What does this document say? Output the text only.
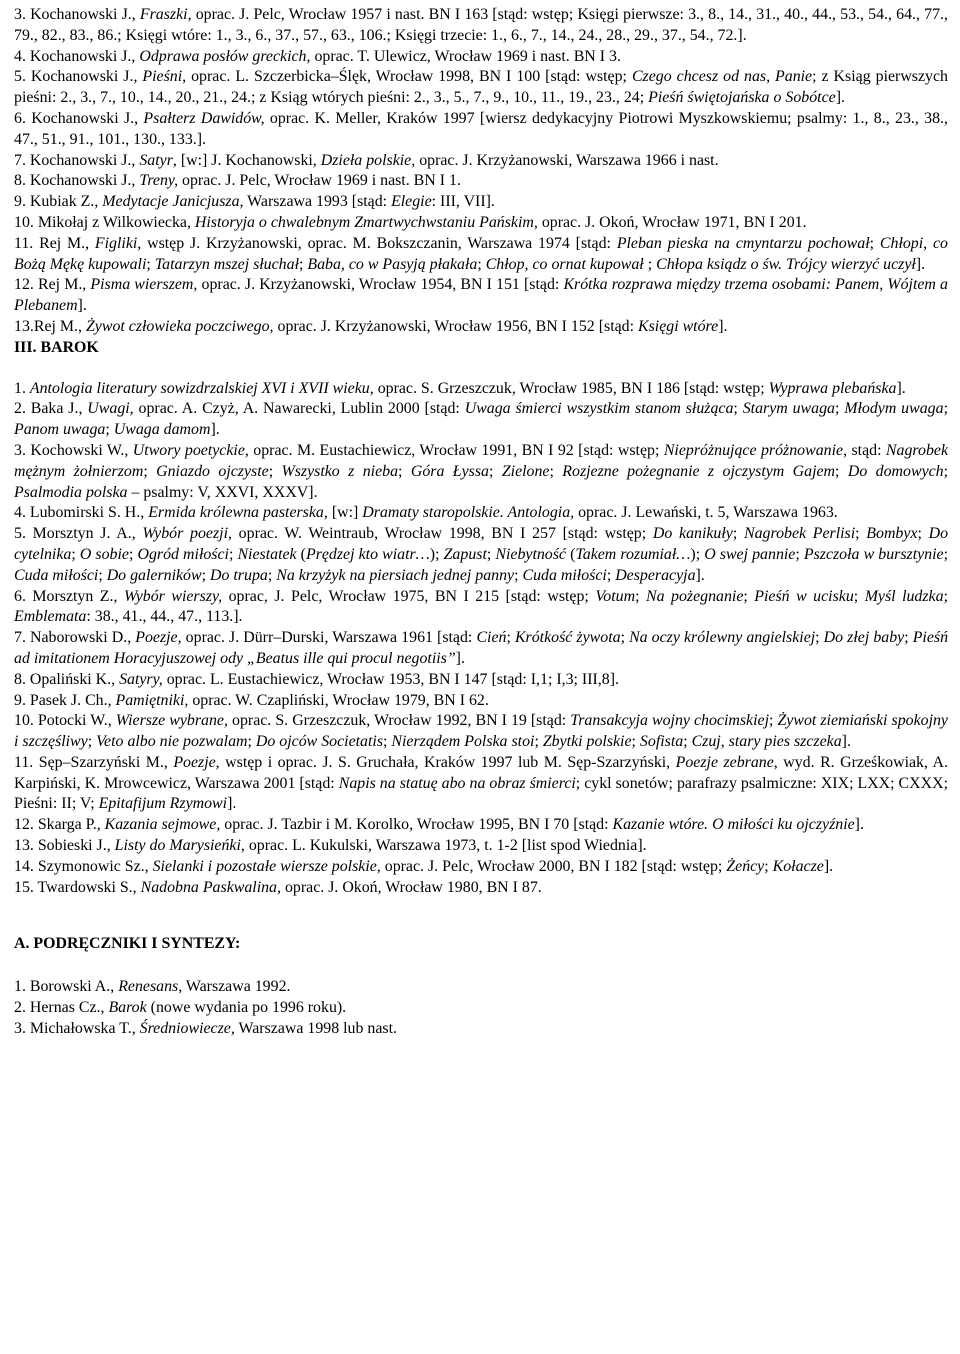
3. Kochanowski J., Fraszki, oprac. J. Pelc, Wrocław 1957 i nast. BN I 163 [stąd: wstęp; Księgi pierwsze: 3., 8., 14., 31., 40., 44., 53., 54., 64., 77., 79., 82., 83., 86.; Księgi wtóre: 1., 3., 6., 37., 57., 63., 106.; Księgi trzecie: 1., 6., 7., 14., 24., 28., 29., 37., 54., 72.].

4. Kochanowski J., Odprawa posłów greckich, oprac. T. Ulewicz, Wrocław 1969 i nast. BN I 3.

5. Kochanowski J., Pieśni, oprac. L. Szczerbicka–Ślęk, Wrocław 1998, BN I 100 [stąd: wstęp; Czego chcesz od nas, Panie; z Ksiąg pierwszych pieśni: 2., 3., 7., 10., 14., 20., 21., 24.; z Ksiąg wtórych pieśni: 2., 3., 5., 7., 9., 10., 11., 19., 23., 24; Pieśń świętojańska o Sobótce].

6. Kochanowski J., Psałterz Dawidów, oprac. K. Meller, Kraków 1997 [wiersz dedykacyjny Piotrowi Myszkowskiemu; psalmy: 1., 8., 23., 38., 47., 51., 91., 101., 130., 133.].

7. Kochanowski J., Satyr, [w:] J. Kochanowski, Dzieła polskie, oprac. J. Krzyżanowski, Warszawa 1966 i nast.

8. Kochanowski J., Treny, oprac. J. Pelc, Wrocław 1969 i nast. BN I 1.

9. Kubiak Z., Medytacje Janicjusza, Warszawa 1993 [stąd: Elegie: III, VII].

10. Mikołaj z Wilkowiecka, Historyja o chwalebnym Zmartwychwstaniu Pańskim, oprac. J. Okoń, Wrocław 1971, BN I 201.

11. Rej M., Figliki, wstęp J. Krzyżanowski, oprac. M. Bokszczanin, Warszawa 1974 [stąd: Pleban pieska na cmyntarzu pochował; Chłopi, co Bożą Mękę kupowali; Tatarzyn mszej słuchał; Baba, co w Pasyją płakała; Chłop, co ornat kupował ; Chłopa ksiądz o św. Trójcy wierzyć uczył].

12. Rej M., Pisma wierszem, oprac. J. Krzyżanowski, Wrocław 1954, BN I 151 [stąd: Krótka rozprawa między trzema osobami: Panem, Wójtem a Plebanem].

13.Rej M., Żywot człowieka poczciwego, oprac. J. Krzyżanowski, Wrocław 1956, BN I 152 [stąd: Księgi wtóre].

III. BAROK

1. Antologia literatury sowizdrzalskiej XVI i XVII wieku, oprac. S. Grzeszczuk, Wrocław 1985, BN I 186 [stąd: wstęp; Wyprawa plebańska].

2. Baka J., Uwagi, oprac. A. Czyż, A. Nawarecki, Lublin 2000 [stąd: Uwaga śmierci wszystkim stanom służąca; Starym uwaga; Młodym uwaga; Panom uwaga; Uwaga damom].

3. Kochowski W., Utwory poetyckie, oprac. M. Eustachiewicz, Wrocław 1991, BN I 92 [stąd: wstęp; Niepróżnujące próżnowanie, stąd: Nagrobek mężnym żołnierzom; Gniazdo ojczyste; Wszystko z nieba; Góra Łyssa; Zielone; Rozjezne pożegnanie z ojczystym Gajem; Do domowych; Psalmodia polska – psalmy: V, XXVI, XXXV].

4. Lubomirski S. H., Ermida królewna pasterska, [w:] Dramaty staropolskie. Antologia, oprac. J. Lewański, t. 5, Warszawa 1963.

5. Morsztyn J. A., Wybór poezji, oprac. W. Weintraub, Wrocław 1998, BN I 257 [stąd: wstęp; Do kanikuły; Nagrobek Perlisi; Bombyx; Do cytelnika; O sobie; Ogród miłości; Niestatek (Prędzej kto wiatr…); Zapust; Niebytność (Takem rozumiał…); O swej pannie; Pszczoła w bursztynie; Cuda miłości; Do galerników; Do trupa; Na krzyżyk na piersiach jednej panny; Cuda miłości; Desperacyja].

6. Morsztyn Z., Wybór wierszy, oprac, J. Pelc, Wrocław 1975, BN I 215 [stąd: wstęp; Votum; Na pożegnanie; Pieśń w ucisku; Myśl ludzka; Emblemata: 38., 41., 44., 47., 113.].

7. Naborowski D., Poezje, oprac. J. Dürr–Durski, Warszawa 1961 [stąd: Cień; Krótkość żywota; Na oczy królewny angielskiej; Do złej baby; Pieśń ad imitationem Horacyjuszowej ody „Beatus ille qui procul negotiis”].

8. Opaliński K., Satyry, oprac. L. Eustachiewicz, Wrocław 1953, BN I 147 [stąd: I,1; I,3; III,8].

9. Pasek J. Ch., Pamiętniki, oprac. W. Czapliński, Wrocław 1979, BN I 62.

10. Potocki W., Wiersze wybrane, oprac. S. Grzeszczuk, Wrocław 1992, BN I 19 [stąd: Transakcyja wojny chocimskiej; Żywot ziemiański spokojny i szczęśliwy; Veto albo nie pozwalam; Do ojców Societatis; Nierządem Polska stoi; Zbytki polskie; Sofista; Czuj, stary pies szczeka].

11. Sęp–Szarzyński M., Poezje, wstęp i oprac. J. S. Gruchała, Kraków 1997 lub M. Sęp-Szarzyński, Poezje zebrane, wyd. R. Grześkowiak, A. Karpiński, K. Mrowcewicz, Warszawa 2001 [stąd: Napis na statuę abo na obraz śmierci; cykl sonetów; parafrazy psalmiczne: XIX; LXX; CXXX; Pieśni: II; V; Epitafijum Rzymowi].

12. Skarga P., Kazania sejmowe, oprac. J. Tazbir i M. Korolko, Wrocław 1995, BN I 70 [stąd: Kazanie wtóre. O miłości ku ojczyźnie].

13. Sobieski J., Listy do Marysieńki, oprac. L. Kukulski, Warszawa 1973, t. 1-2 [list spod Wiednia].

14. Szymonowic Sz., Sielanki i pozostałe wiersze polskie, oprac. J. Pelc, Wrocław 2000, BN I 182 [stąd: wstęp; Żeńcy; Kołacze].

15. Twardowski S., Nadobna Paskwalina, oprac. J. Okoń, Wrocław 1980, BN I 87.

A. PODRĘCZNIKI I SYNTEZY:

1. Borowski A., Renesans, Warszawa 1992.

2. Hernas Cz., Barok (nowe wydania po 1996 roku).

3. Michałowska T., Średniowiecze, Warszawa 1998 lub nast.
